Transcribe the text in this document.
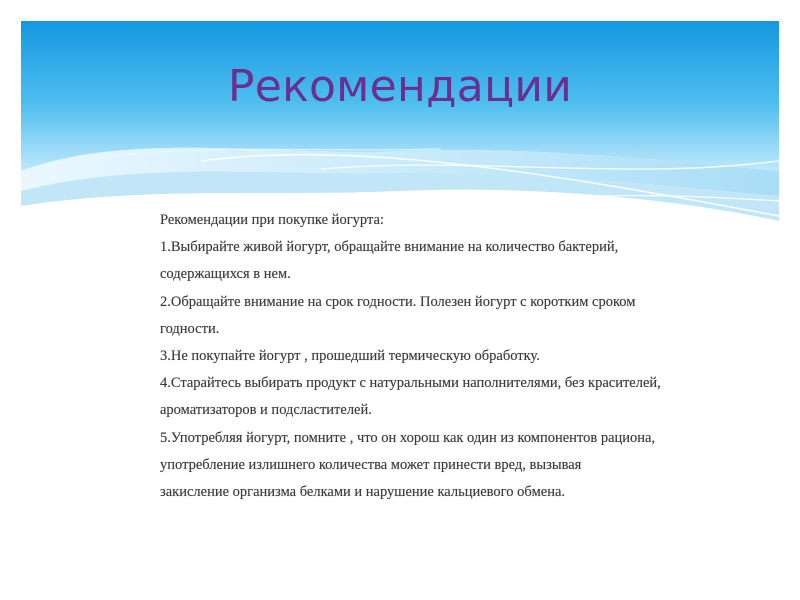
Рекомендации
Рекомендации при покупке йогурта:
1.Выбирайте живой йогурт, обращайте внимание на количество бактерий,
содержащихся в нем.
2.Обращайте внимание на срок годности. Полезен йогурт с коротким сроком
годности.
3.Не покупайте йогурт , прошедший термическую обработку.
4.Старайтесь выбирать продукт с натуральными наполнителями, без красителей,
ароматизаторов и подсластителей.
5.Употребляя йогурт, помните , что он хорош как один из компонентов рациона,
употребление излишнего количества может принести вред, вызывая
закисление организма белками и нарушение кальциевого обмена.
